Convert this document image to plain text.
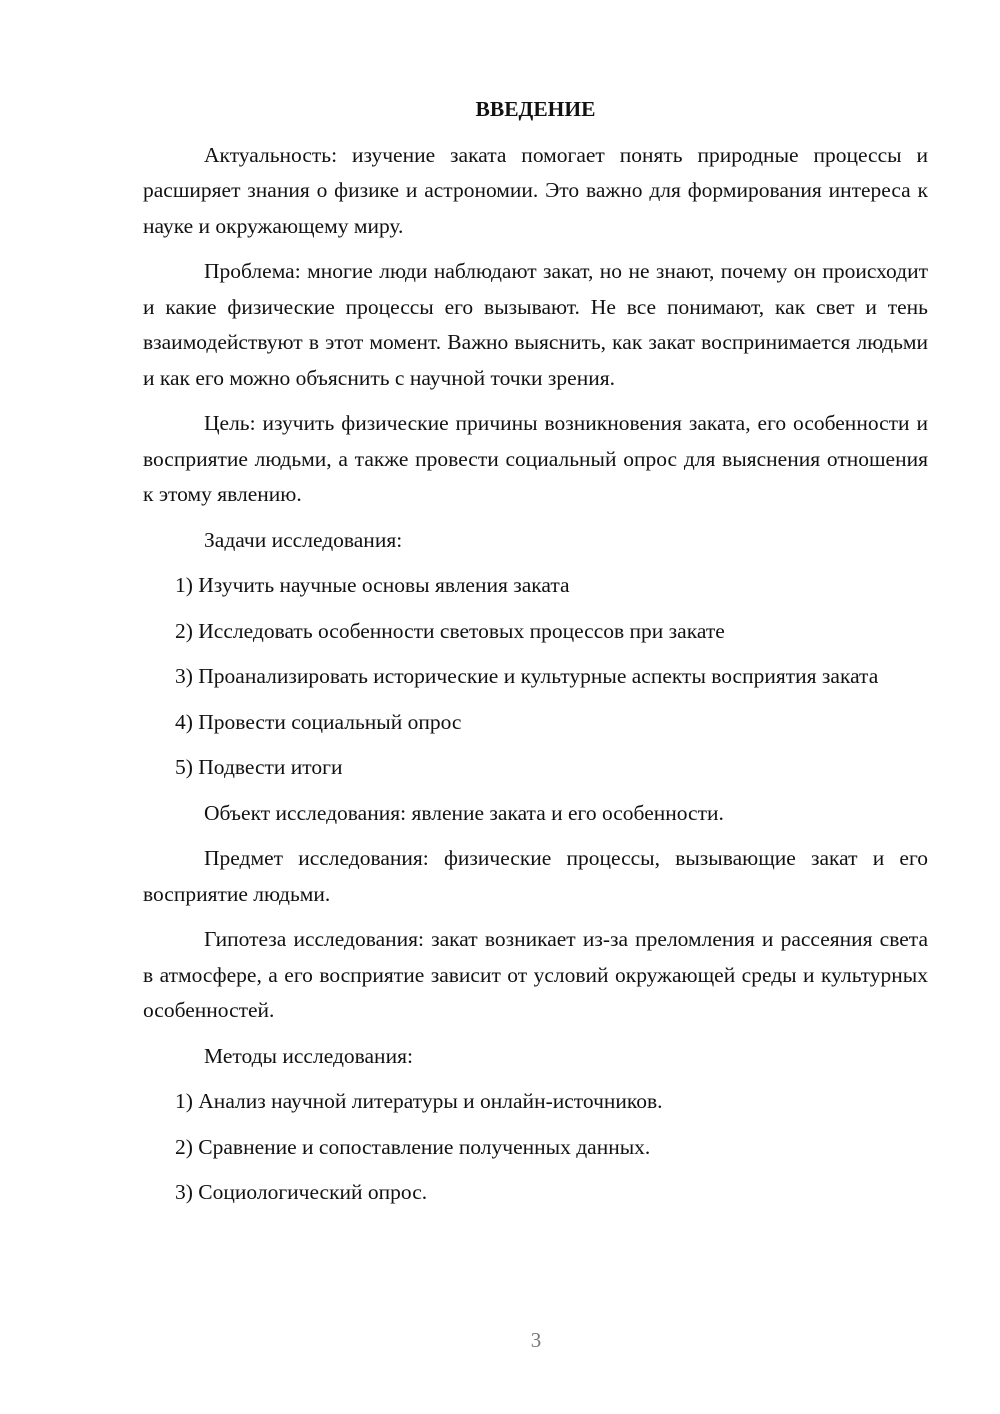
ВВЕДЕНИЕ

Актуальность: изучение заката помогает понять природные процессы и расширяет знания о физике и астрономии. Это важно для формирования интереса к науке и окружающему миру.

Проблема: многие люди наблюдают закат, но не знают, почему он происходит и какие физические процессы его вызывают. Не все понимают, как свет и тень взаимодействуют в этот момент. Важно выяснить, как закат воспринимается людьми и как его можно объяснить с научной точки зрения.

Цель: изучить физические причины возникновения заката, его особенности и восприятие людьми, а также провести социальный опрос для выяснения отношения к этому явлению.

Задачи исследования:

1) Изучить научные основы явления заката

2) Исследовать особенности световых процессов при закате

3) Проанализировать исторические и культурные аспекты восприятия заката

4) Провести социальный опрос

5) Подвести итоги

Объект исследования: явление заката и его особенности.

Предмет исследования: физические процессы, вызывающие закат и его восприятие людьми.

Гипотеза исследования: закат возникает из-за преломления и рассеяния света в атмосфере, а его восприятие зависит от условий окружающей среды и культурных особенностей.

Методы исследования:

1) Анализ научной литературы и онлайн-источников.

2) Сравнение и сопоставление полученных данных.

3) Социологический опрос.

3
